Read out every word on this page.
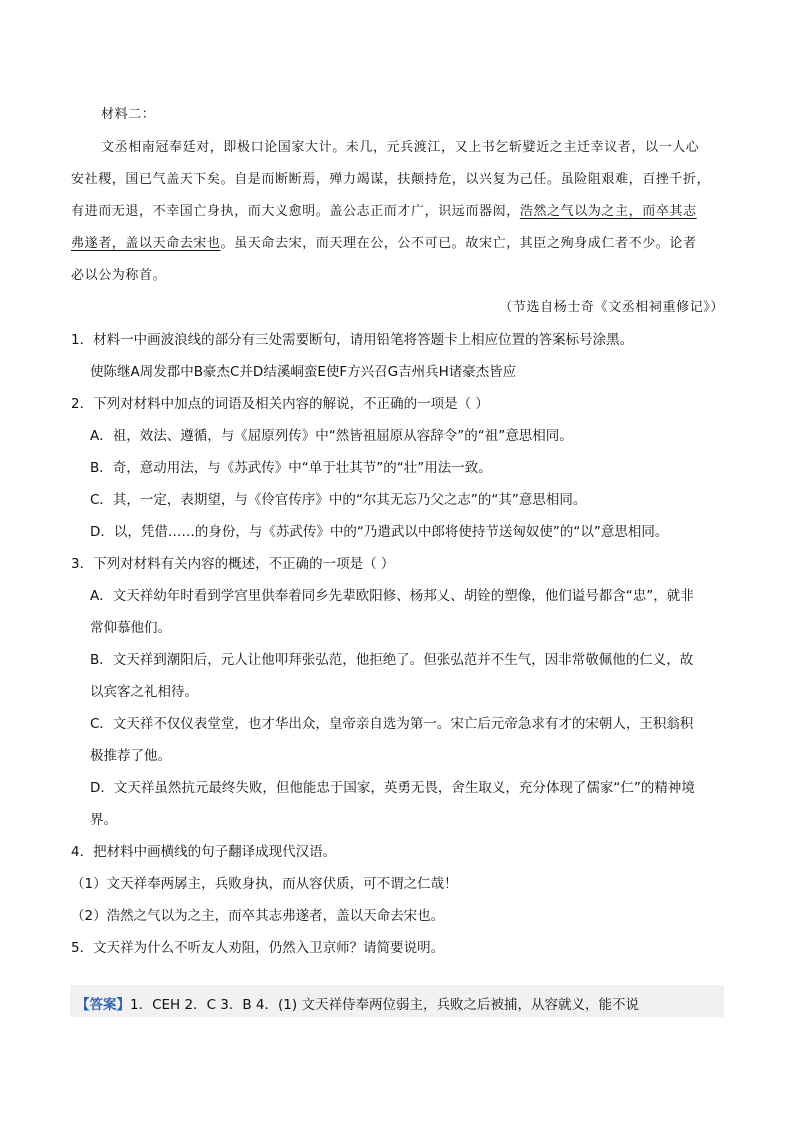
材料二：
文丞相南冠奉廷对，即极口论国家大计。未几，元兵渡江，又上书乞斩嬖近之主迁幸议者，以一人心
安社稷，国已气盖天下矣。自是而断断焉，殚力竭谋，扶颠持危，以兴复为己任。虽险阻艰难，百挫千折，
有进而无退，不幸国亡身执，而大义愈明。盖公志正而才广，识远而器闳，浩然之气以为之主，而卒其志
弗遂者，盖以天命去宋也。虽天命去宋，而天理在公，公不可已。故宋亡，其臣之殉身成仁者不少。论者
必以公为称首。
（节选自杨士奇《文丞相祠重修记》）
1．材料一中画波浪线的部分有三处需要断句，请用铅笔将答题卡上相应位置的答案标号涂黑。
使陈继A周发郡中B豪杰C并D结溪峒蛮E使F方兴召G吉州兵H诸豪杰皆应
2．下列对材料中加点的词语及相关内容的解说，不正确的一项是（ ）
A．祖，效法、遵循，与《屈原列传》中“然皆祖屈原从容辞令”的“祖”意思相同。
B．奇，意动用法，与《苏武传》中“单于壮其节”的“壮”用法一致。
C．其，一定，表期望，与《伶官传序》中的“尔其无忘乃父之志”的“其”意思相同。
D．以，凭借……的身份，与《苏武传》中的“乃遣武以中郎将使持节送匈奴使”的“以”意思相同。
3．下列对材料有关内容的概述，不正确的一项是（ ）
A．文天祥幼年时看到学宫里供奉着同乡先辈欧阳修、杨邦乂、胡铨的塑像，他们谥号都含“忠”，就非
常仰慕他们。
B．文天祥到潮阳后，元人让他叩拜张弘范，他拒绝了。但张弘范并不生气，因非常敬佩他的仁义，故
以宾客之礼相待。
C．文天祥不仅仪表堂堂，也才华出众，皇帝亲自选为第一。宋亡后元帝急求有才的宋朝人，王积翁积
极推荐了他。
D．文天祥虽然抗元最终失败，但他能忠于国家，英勇无畏，舍生取义，充分体现了儒家“仁”的精神境
界。
4．把材料中画横线的句子翻译成现代汉语。
（1）文天祥奉两孱主，兵败身执，而从容伏质，可不谓之仁哉！
（2）浩然之气以为之主，而卒其志弗遂者，盖以天命去宋也。
5．文天祥为什么不听友人劝阻，仍然入卫京师？请简要说明。
【答案】1．CEH 2．C 3．B 4．(1) 文天祥侍奉两位弱主，兵败之后被捕，从容就义，能不说
